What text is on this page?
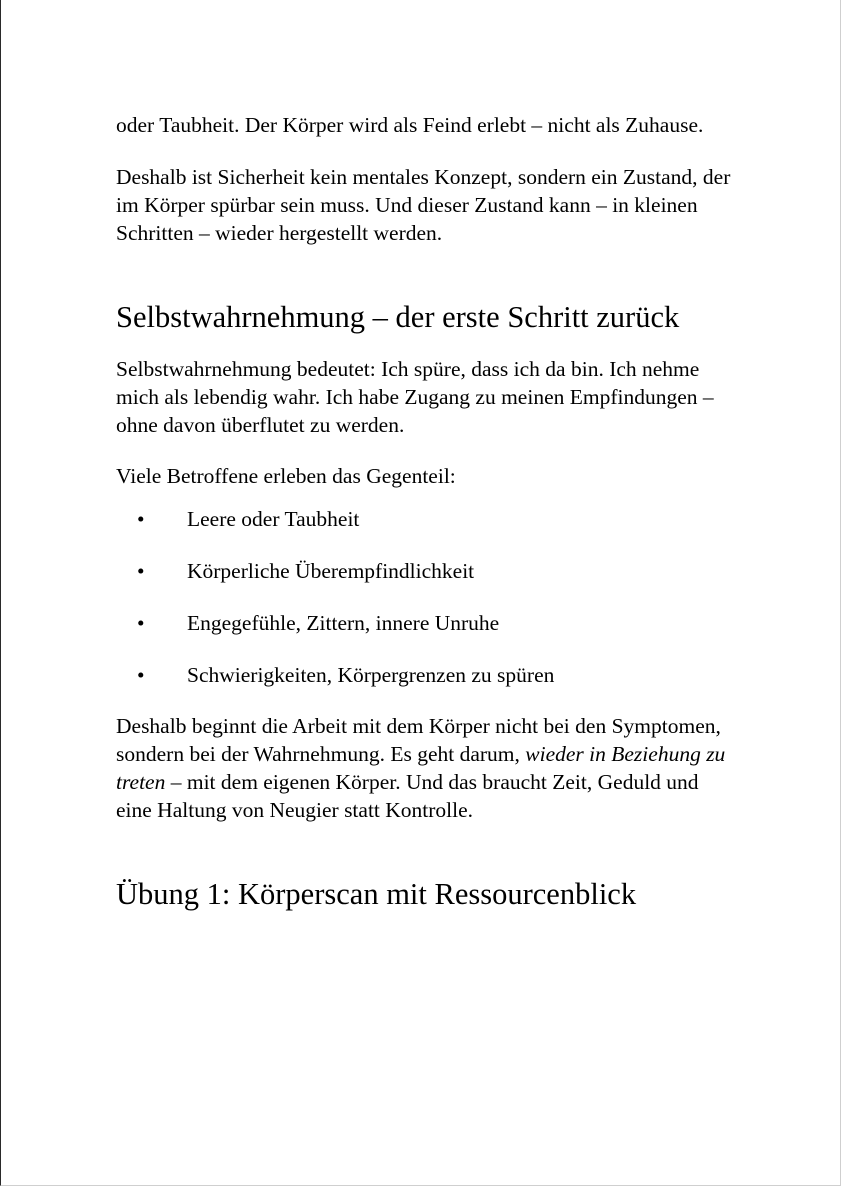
oder Taubheit. Der Körper wird als Feind erlebt – nicht als Zuhause.

Deshalb ist Sicherheit kein mentales Konzept, sondern ein Zustand, der im Körper spürbar sein muss. Und dieser Zustand kann – in kleinen Schritten – wieder hergestellt werden.

Selbstwahrnehmung – der erste Schritt zurück

Selbstwahrnehmung bedeutet: Ich spüre, dass ich da bin. Ich nehme mich als lebendig wahr. Ich habe Zugang zu meinen Empfindungen – ohne davon überflutet zu werden.

Viele Betroffene erleben das Gegenteil:

• Leere oder Taubheit
• Körperliche Überempfindlichkeit
• Engegefühle, Zittern, innere Unruhe
• Schwierigkeiten, Körpergrenzen zu spüren

Deshalb beginnt die Arbeit mit dem Körper nicht bei den Symptomen, sondern bei der Wahrnehmung. Es geht darum, wieder in Beziehung zu treten – mit dem eigenen Körper. Und das braucht Zeit, Geduld und eine Haltung von Neugier statt Kontrolle.

Übung 1: Körperscan mit Ressourcenblick
